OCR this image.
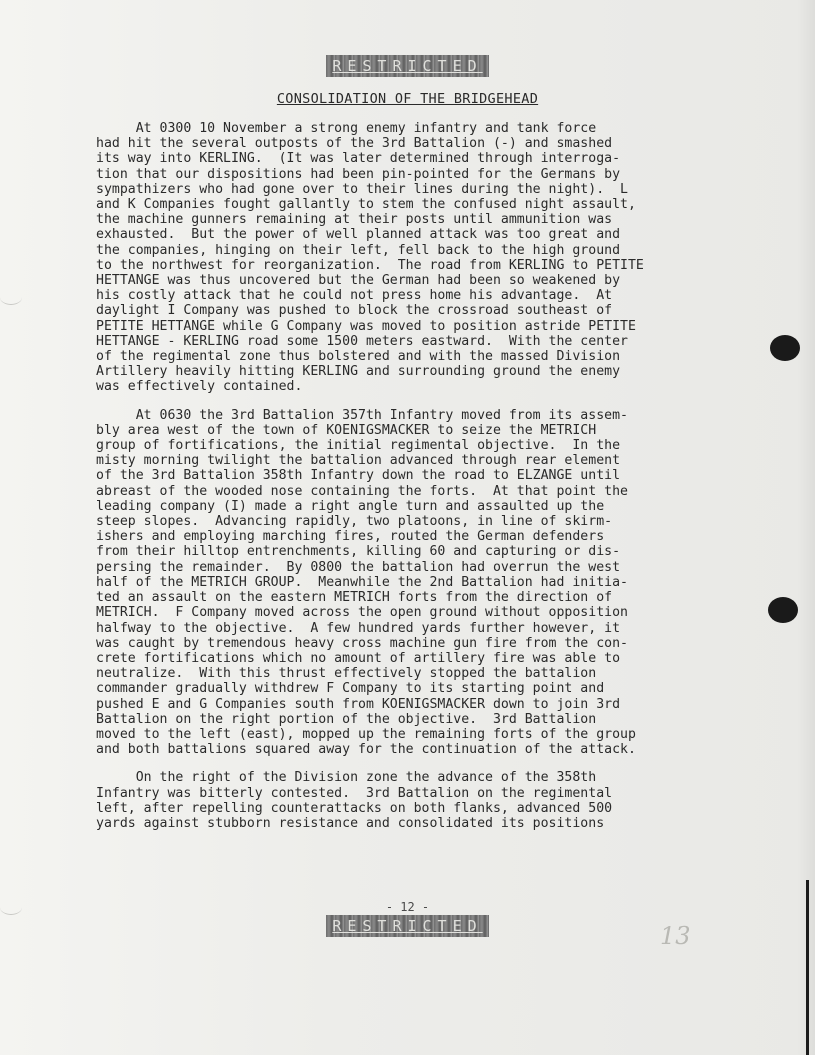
RESTRICTED
CONSOLIDATION OF THE BRIDGEHEAD
At 0300 10 November a strong enemy infantry and tank force
had hit the several outposts of the 3rd Battalion (-) and smashed
its way into KERLING.  (It was later determined through interroga-
tion that our dispositions had been pin-pointed for the Germans by
sympathizers who had gone over to their lines during the night).  L
and K Companies fought gallantly to stem the confused night assault,
the machine gunners remaining at their posts until ammunition was
exhausted.  But the power of well planned attack was too great and
the companies, hinging on their left, fell back to the high ground
to the northwest for reorganization.  The road from KERLING to PETITE
HETTANGE was thus uncovered but the German had been so weakened by
his costly attack that he could not press home his advantage.  At
daylight I Company was pushed to block the crossroad southeast of
PETITE HETTANGE while G Company was moved to position astride PETITE
HETTANGE - KERLING road some 1500 meters eastward.  With the center
of the regimental zone thus bolstered and with the massed Division
Artillery heavily hitting KERLING and surrounding ground the enemy
was effectively contained.
At 0630 the 3rd Battalion 357th Infantry moved from its assem-
bly area west of the town of KOENIGSMACKER to seize the METRICH
group of fortifications, the initial regimental objective.  In the
misty morning twilight the battalion advanced through rear element
of the 3rd Battalion 358th Infantry down the road to ELZANGE until
abreast of the wooded nose containing the forts.  At that point the
leading company (I) made a right angle turn and assaulted up the
steep slopes.  Advancing rapidly, two platoons, in line of skirm-
ishers and employing marching fires, routed the German defenders
from their hilltop entrenchments, killing 60 and capturing or dis-
persing the remainder.  By 0800 the battalion had overrun the west
half of the METRICH GROUP.  Meanwhile the 2nd Battalion had initia-
ted an assault on the eastern METRICH forts from the direction of
METRICH.  F Company moved across the open ground without opposition
halfway to the objective.  A few hundred yards further however, it
was caught by tremendous heavy cross machine gun fire from the con-
crete fortifications which no amount of artillery fire was able to
neutralize.  With this thrust effectively stopped the battalion
commander gradually withdrew F Company to its starting point and
pushed E and G Companies south from KOENIGSMACKER down to join 3rd
Battalion on the right portion of the objective.  3rd Battalion
moved to the left (east), mopped up the remaining forts of the group
and both battalions squared away for the continuation of the attack.
On the right of the Division zone the advance of the 358th
Infantry was bitterly contested.  3rd Battalion on the regimental
left, after repelling counterattacks on both flanks, advanced 500
yards against stubborn resistance and consolidated its positions
- 12 -
RESTRICTED	13
